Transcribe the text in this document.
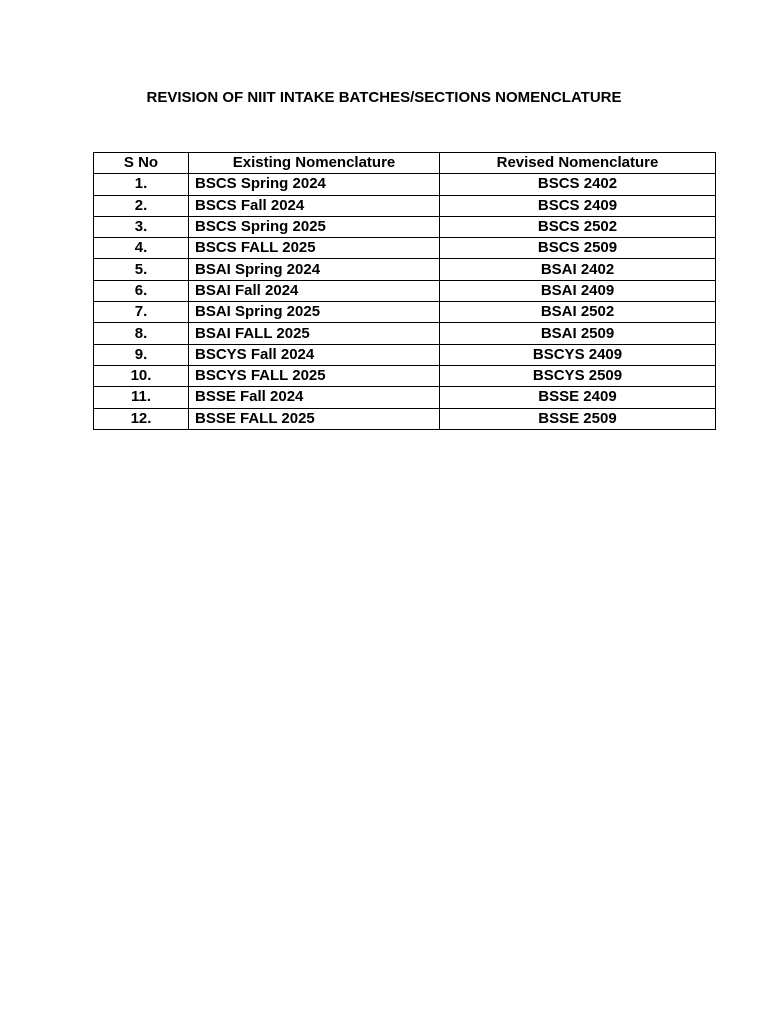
REVISION OF NIIT INTAKE BATCHES/SECTIONS NOMENCLATURE
S No	Existing Nomenclature	Revised Nomenclature
1.	BSCS Spring 2024	BSCS 2402
2.	BSCS Fall 2024	BSCS 2409
3.	BSCS Spring 2025	BSCS 2502
4.	BSCS FALL 2025	BSCS 2509
5.	BSAI Spring 2024	BSAI 2402
6.	BSAI Fall 2024	BSAI 2409
7.	BSAI Spring 2025	BSAI 2502
8.	BSAI FALL 2025	BSAI 2509
9.	BSCYS Fall 2024	BSCYS 2409
10.	BSCYS FALL 2025	BSCYS 2509
11.	BSSE Fall 2024	BSSE 2409
12.	BSSE FALL 2025	BSSE 2509
